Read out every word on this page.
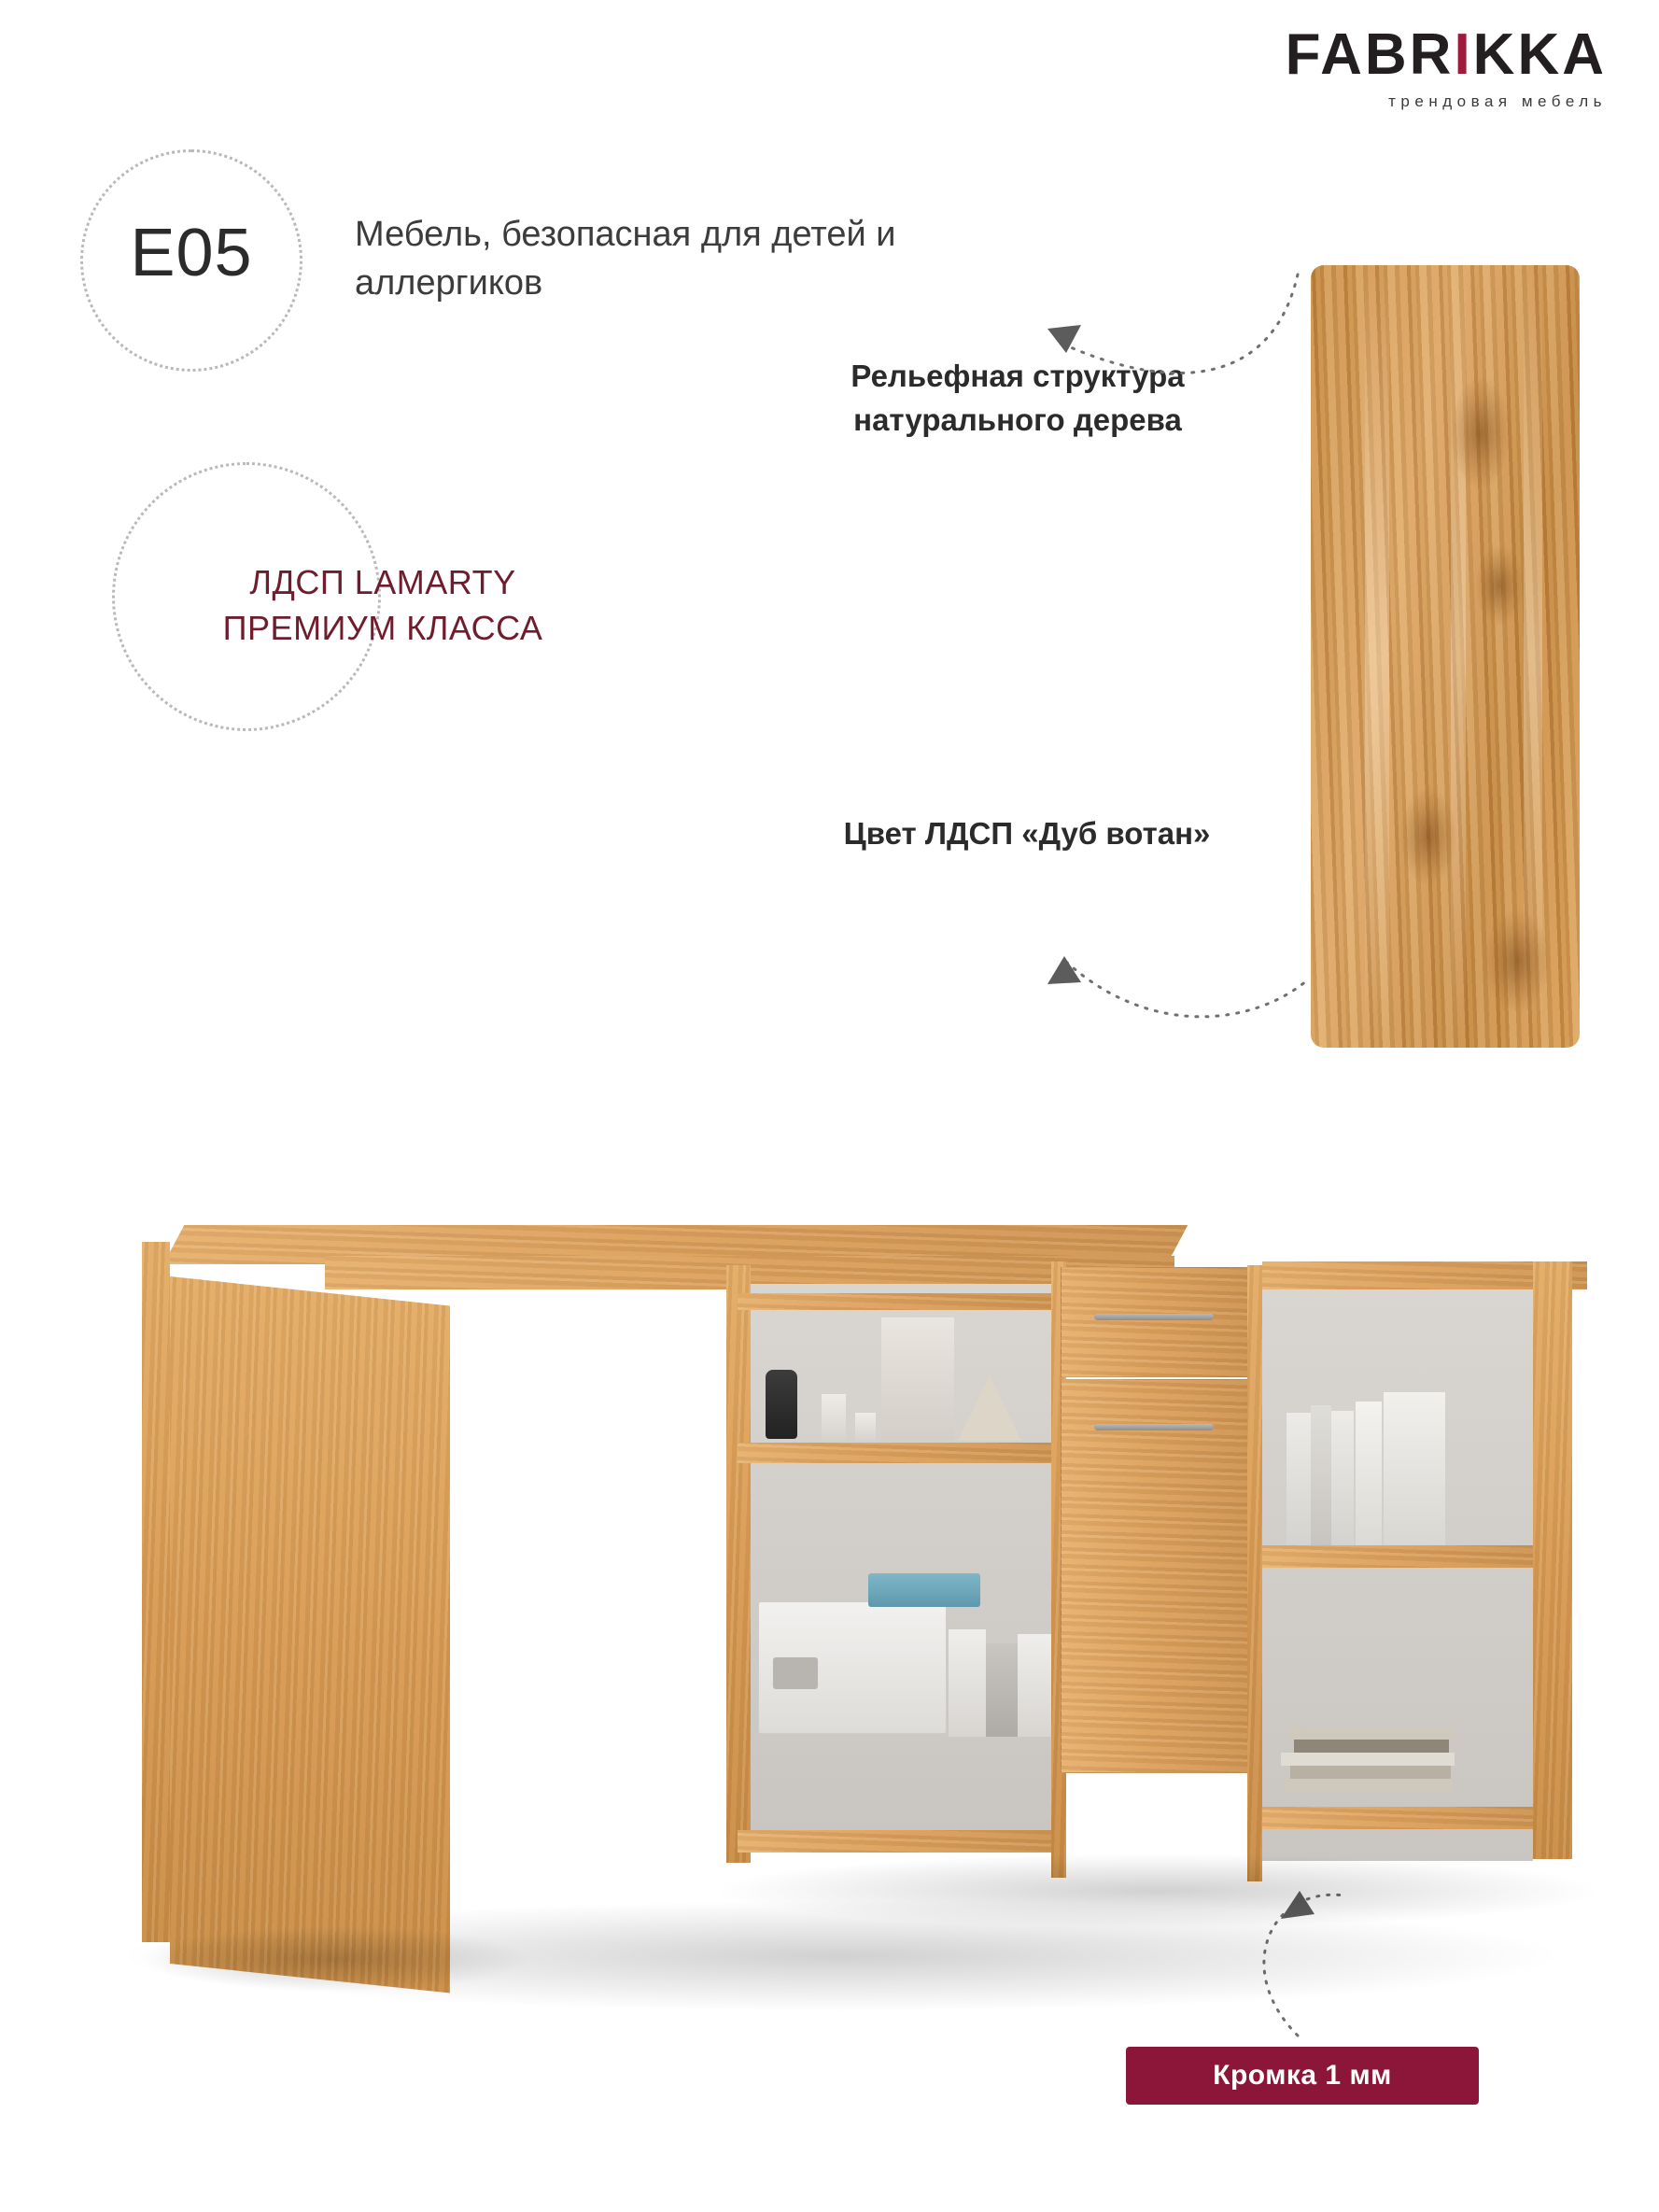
FABRIKKA
трендовая мебель
E05	Мебель, безопасная для детей и аллергиков
ЛДСП LAMARTY
ПРЕМИУМ КЛАССА
Рельефная структура натурального дерева
Цвет ЛДСП «Дуб вотан»
Кромка 1 мм
